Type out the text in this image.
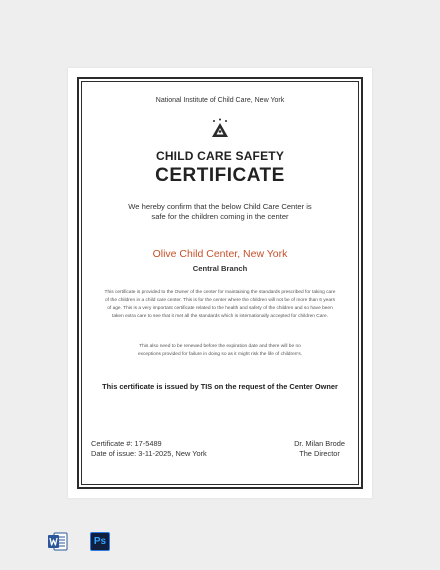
National Institute of Child Care, New York
CHILD CARE SAFETY
CERTIFICATE
We hereby confirm that the below Child Care Center is safe for the children coming in the center
Olive Child Center, New York
Central Branch
This certificate is provided to the Owner of the center for maintaining the standards prescribed for taking care of the children in a child care center. This is for the center where the children will not be of more than 6 years of age. This is a very important certificate related to the health and safety of the children and so have been taken extra care to see that it met all the standards which is internationally accepted for children Care.
This also need to be renewed before the expiration date and there will be no exceptions provided for failure in doing so as it might risk the life of children's.
This certificate is issued by TIS on the request of the Center Owner
Certificate #: 17-5489
Date of issue: 3-11-2025, New York
Dr. Milan Brode
The Director
Ps
